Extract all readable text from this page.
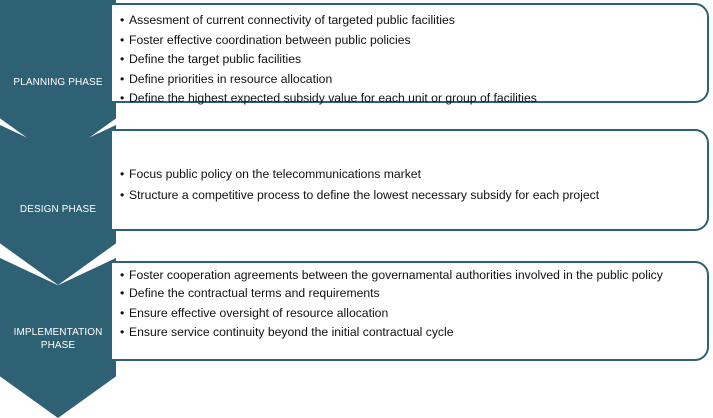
PLANNING PHASE
• Assesment of current connectivity of targeted public facilities
• Foster effective coordination between public policies
• Define the target public facilities
• Define priorities in resource allocation
• Define the highest expected subsidy value for each unit or group of facilities
DESIGN PHASE
• Focus public policy on the telecommunications market
• Structure a competitive process to define the lowest necessary subsidy for each project
IMPLEMENTATION PHASE
• Foster cooperation agreements between the governamental authorities involved in the public policy
• Define the contractual terms and requirements
• Ensure effective oversight of resource allocation
• Ensure service continuity beyond the initial contractual cycle
